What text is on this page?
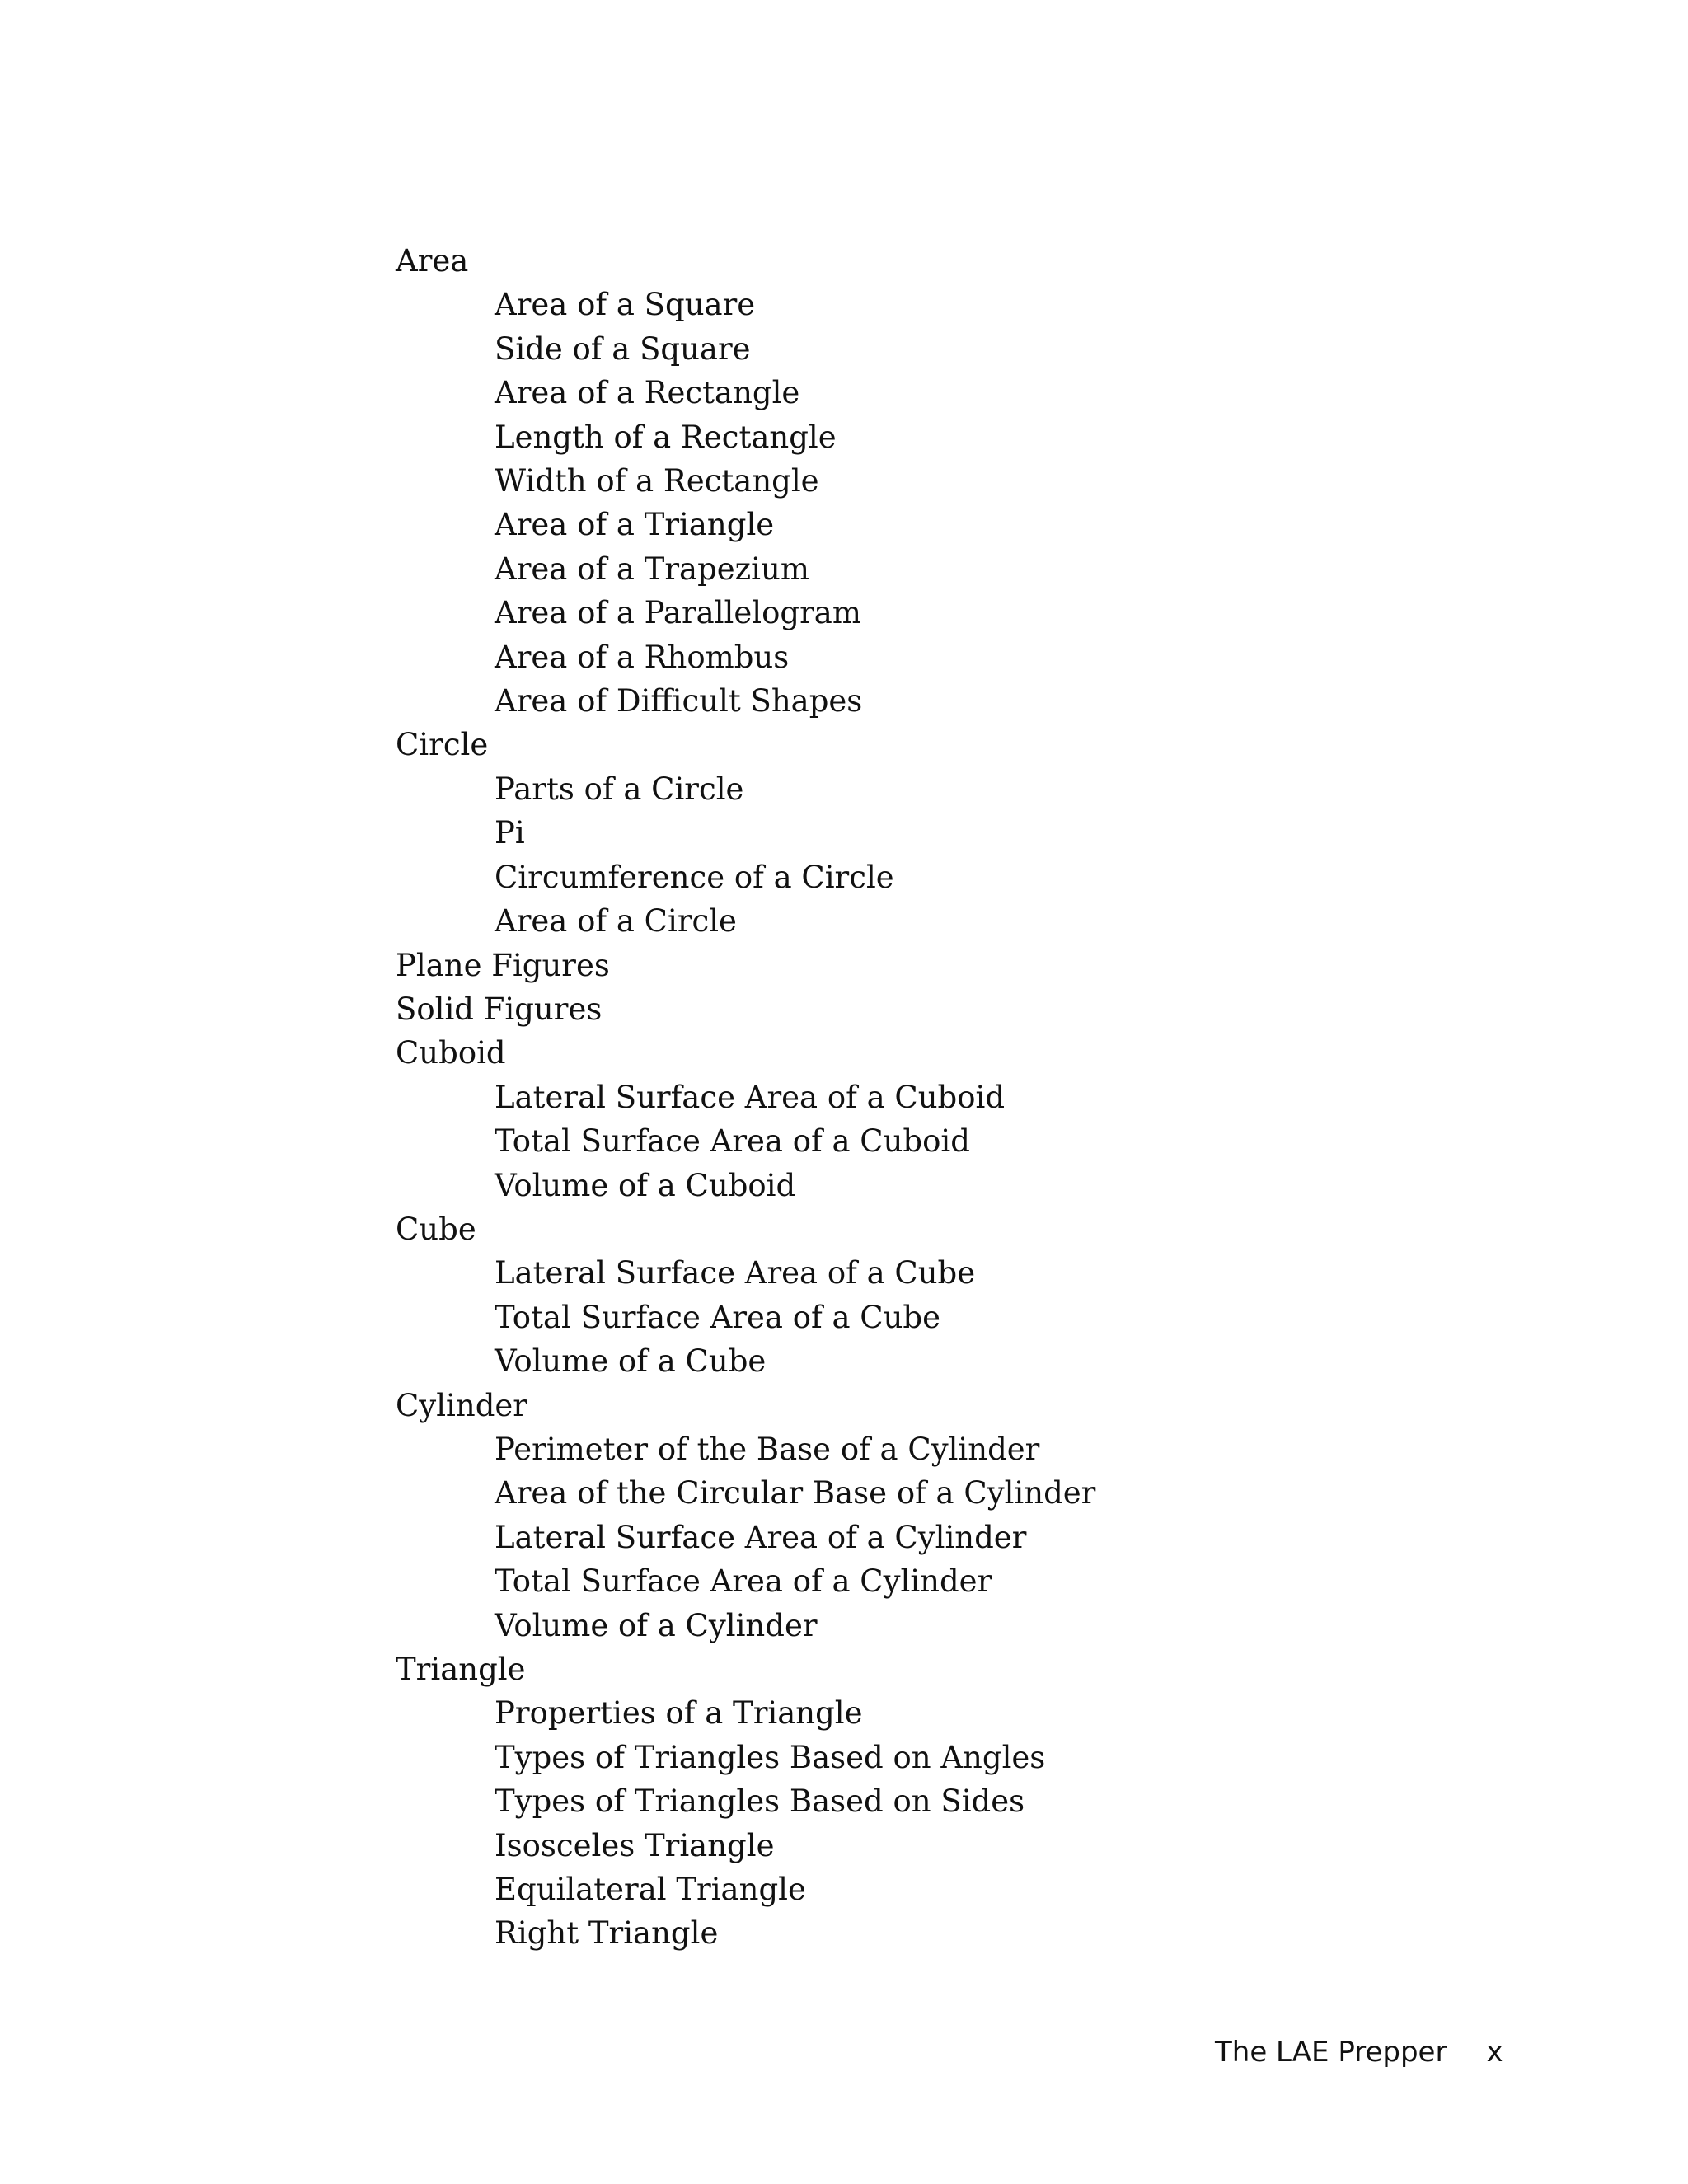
Area
Area of a Square
Side of a Square
Area of a Rectangle
Length of a Rectangle
Width of a Rectangle
Area of a Triangle
Area of a Trapezium
Area of a Parallelogram
Area of a Rhombus
Area of Difficult Shapes
Circle
Parts of a Circle
Pi
Circumference of a Circle
Area of a Circle
Plane Figures
Solid Figures
Cuboid
Lateral Surface Area of a Cuboid
Total Surface Area of a Cuboid
Volume of a Cuboid
Cube
Lateral Surface Area of a Cube
Total Surface Area of a Cube
Volume of a Cube
Cylinder
Perimeter of the Base of a Cylinder
Area of the Circular Base of a Cylinder
Lateral Surface Area of a Cylinder
Total Surface Area of a Cylinder
Volume of a Cylinder
Triangle
Properties of a Triangle
Types of Triangles Based on Angles
Types of Triangles Based on Sides
Isosceles Triangle
Equilateral Triangle
Right Triangle
The LAE Prepper x
